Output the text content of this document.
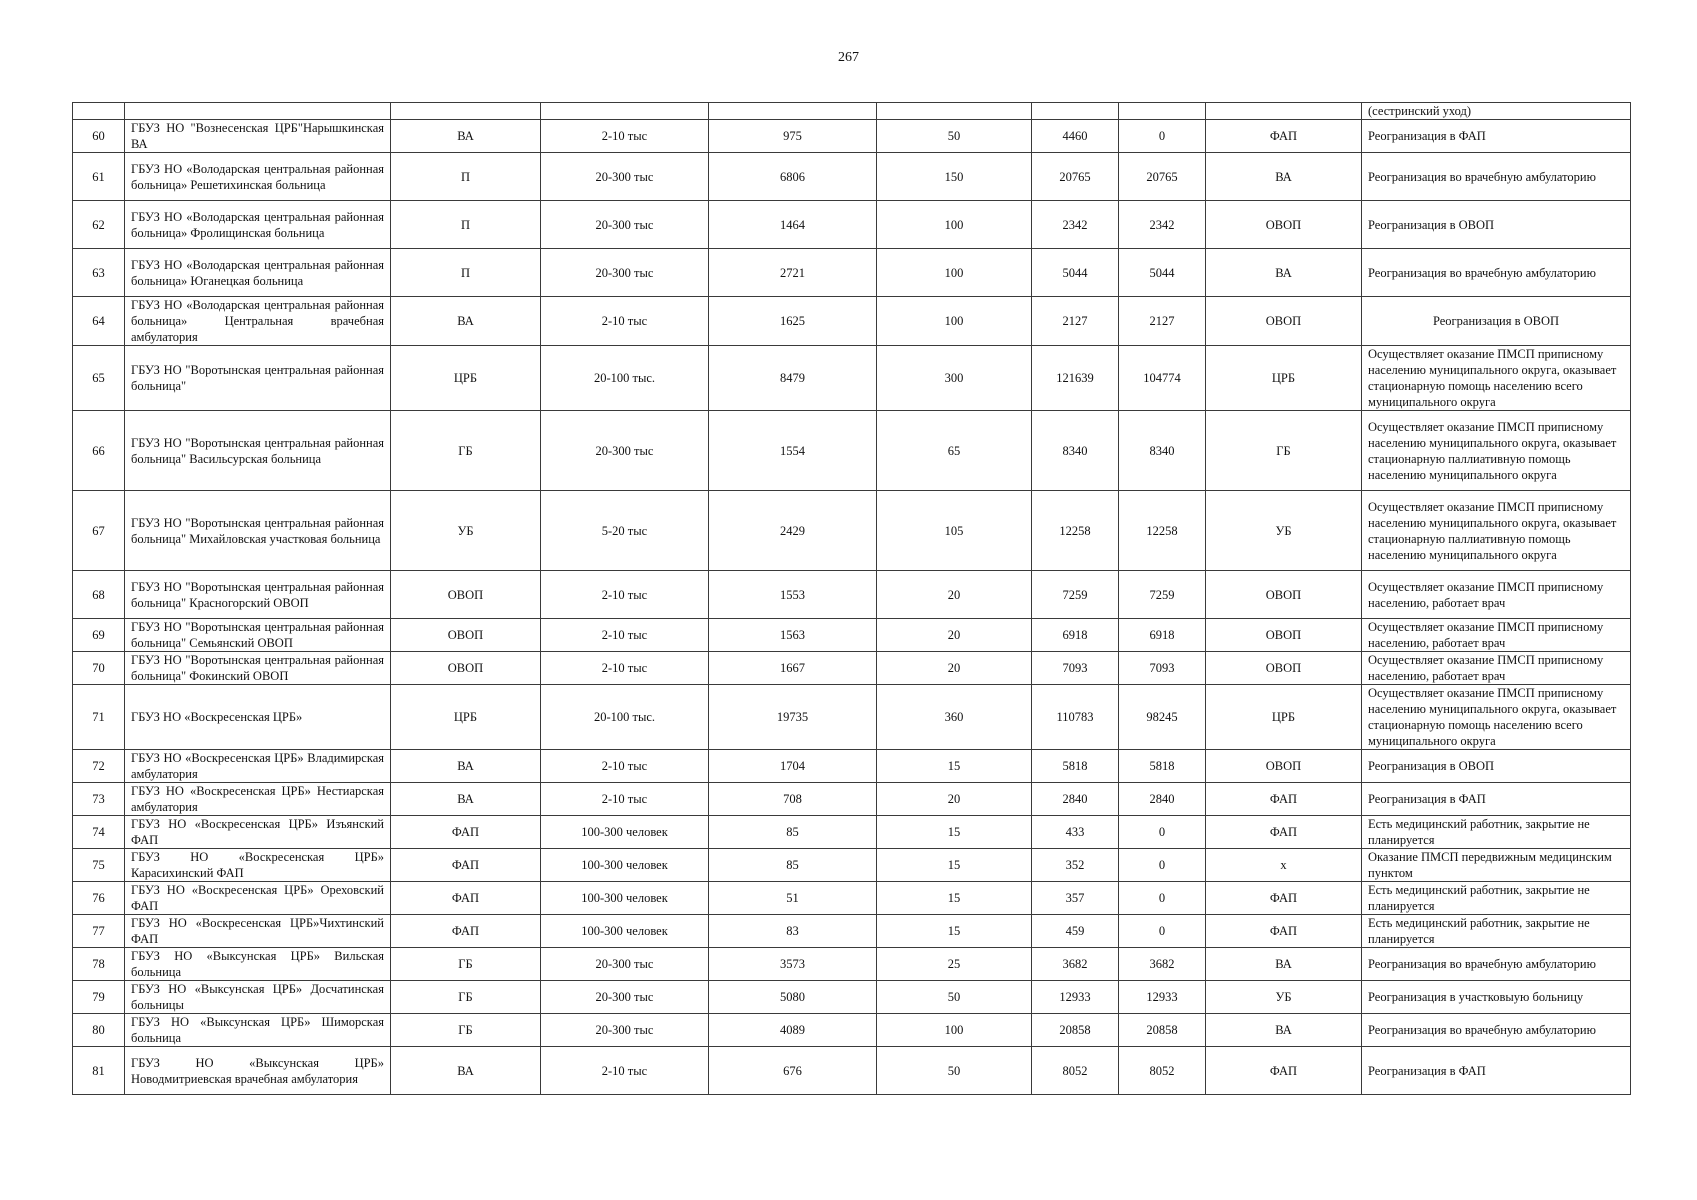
267
									(сестринский уход)
60	ГБУЗ НО "Вознесенская ЦРБ"Нарышкинская ВА	ВА	2-10 тыс	975	50	4460	0	ФАП	Реогранизация в ФАП
61	ГБУЗ НО «Володарская центральная районная больница» Решетихинская больница	П	20-300 тыс	6806	150	20765	20765	ВА	Реогранизация во врачебную амбулаторию
62	ГБУЗ НО «Володарская центральная районная больница» Фролищинская больница	П	20-300 тыс	1464	100	2342	2342	ОВОП	Реогранизация в ОВОП
63	ГБУЗ НО «Володарская центральная районная больница» Юганецкая больница	П	20-300 тыс	2721	100	5044	5044	ВА	Реогранизация во врачебную амбулаторию
64	ГБУЗ НО «Володарская центральная районная больница» Центральная врачебная амбулатория	ВА	2-10 тыс	1625	100	2127	2127	ОВОП	Реогранизация в ОВОП
65	ГБУЗ НО "Воротынская центральная районная больница"	ЦРБ	20-100 тыс.	8479	300	121639	104774	ЦРБ	Осуществляет оказание ПМСП приписному населению муниципального округа, оказывает стационарную помощь населению всего муниципального округа
66	ГБУЗ НО "Воротынская центральная районная больница" Васильсурская больница	ГБ	20-300 тыс	1554	65	8340	8340	ГБ	Осуществляет оказание ПМСП приписному населению муниципального округа, оказывает стационарную паллиативную помощь населению муниципального округа
67	ГБУЗ НО "Воротынская центральная районная больница" Михайловская участковая больница	УБ	5-20 тыс	2429	105	12258	12258	УБ	Осуществляет оказание ПМСП приписному населению муниципального округа, оказывает стационарную паллиативную помощь населению муниципального округа
68	ГБУЗ НО "Воротынская центральная районная больница" Красногорский ОВОП	ОВОП	2-10 тыс	1553	20	7259	7259	ОВОП	Осуществляет оказание ПМСП приписному населению, работает врач
69	ГБУЗ НО "Воротынская центральная районная больница" Семьянский ОВОП	ОВОП	2-10 тыс	1563	20	6918	6918	ОВОП	Осуществляет оказание ПМСП приписному населению, работает врач
70	ГБУЗ НО "Воротынская центральная районная больница" Фокинский ОВОП	ОВОП	2-10 тыс	1667	20	7093	7093	ОВОП	Осуществляет оказание ПМСП приписному населению, работает врач
71	ГБУЗ НО «Воскресенская ЦРБ»	ЦРБ	20-100 тыс.	19735	360	110783	98245	ЦРБ	Осуществляет оказание ПМСП приписному населению муниципального округа, оказывает стационарную помощь населению всего муниципального округа
72	ГБУЗ НО «Воскресенская ЦРБ» Владимирская амбулатория	ВА	2-10 тыс	1704	15	5818	5818	ОВОП	Реогранизация в ОВОП
73	ГБУЗ НО «Воскресенская ЦРБ» Нестиарская амбулатория	ВА	2-10 тыс	708	20	2840	2840	ФАП	Реогранизация в ФАП
74	ГБУЗ НО «Воскресенская ЦРБ» Изъянский ФАП	ФАП	100-300 человек	85	15	433	0	ФАП	Есть медицинский работник, закрытие не планируется
75	ГБУЗ НО «Воскресенская ЦРБ» Карасихинский ФАП	ФАП	100-300 человек	85	15	352	0	х	Оказание ПМСП передвижным медицинским пунктом
76	ГБУЗ НО «Воскресенская ЦРБ» Ореховский ФАП	ФАП	100-300 человек	51	15	357	0	ФАП	Есть медицинский работник, закрытие не планируется
77	ГБУЗ НО «Воскресенская ЦРБ»Чихтинский ФАП	ФАП	100-300 человек	83	15	459	0	ФАП	Есть медицинский работник, закрытие не планируется
78	ГБУЗ НО «Выксунская ЦРБ» Вильская больница	ГБ	20-300 тыс	3573	25	3682	3682	ВА	Реогранизация во врачебную амбулаторию
79	ГБУЗ НО «Выксунская ЦРБ» Досчатинская больницы	ГБ	20-300 тыс	5080	50	12933	12933	УБ	Реогранизация в участковыую больницу
80	ГБУЗ НО «Выксунская ЦРБ» Шиморская больница	ГБ	20-300 тыс	4089	100	20858	20858	ВА	Реогранизация во врачебную амбулаторию
81	ГБУЗ НО «Выксунская ЦРБ» Новодмитриевская врачебная амбулатория	ВА	2-10 тыс	676	50	8052	8052	ФАП	Реогранизация в ФАП
